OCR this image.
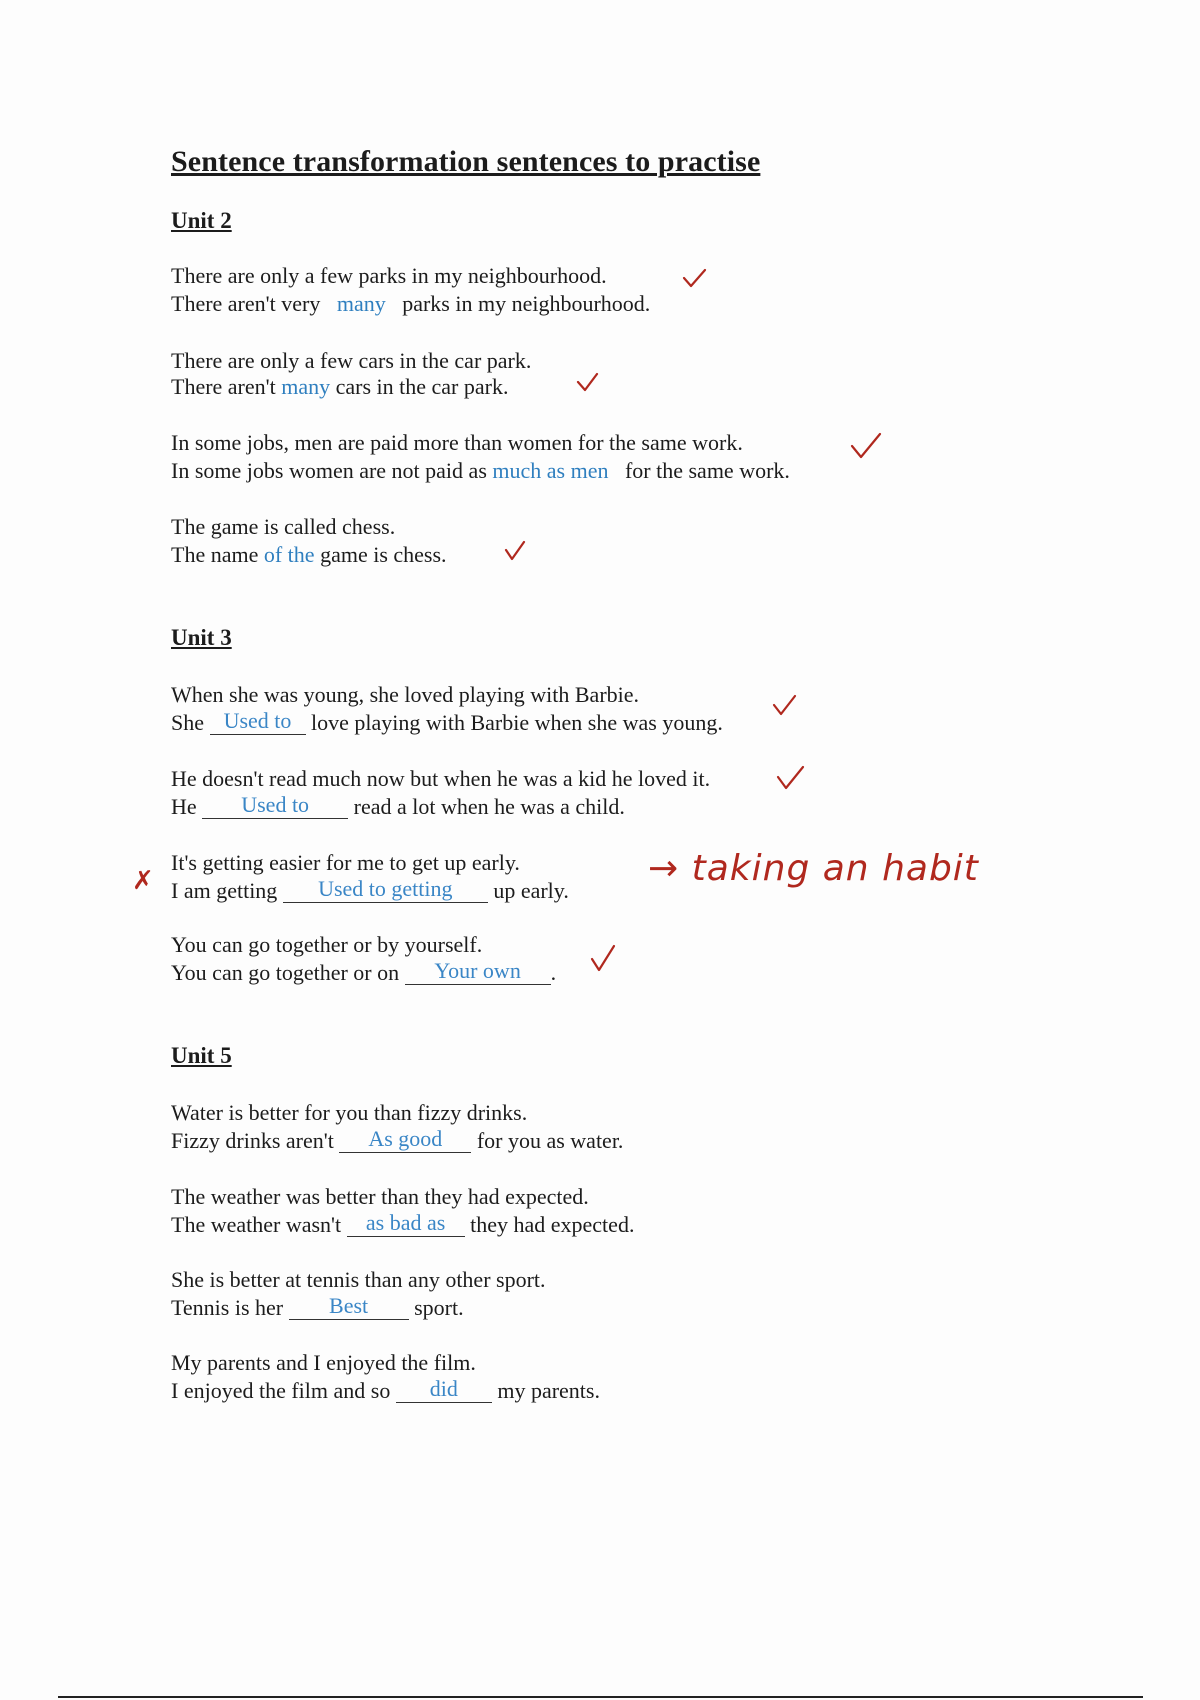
Sentence transformation sentences to practise
Unit 2

There are only a few parks in my neighbourhood.

There aren't very many parks in my neighbourhood.

There are only a few cars in the car park.

There aren't many cars in the car park.

In some jobs, men are paid more than women for the same work.

In some jobs women are not paid as much as men for the same work.

The game is called chess.

The name of the game is chess.

Unit 3

When she was young, she loved playing with Barbie.

She Used to love playing with Barbie when she was young.

He doesn't read much now but when he was a kid he loved it.

He Used to read a lot when he was a child.

It's getting easier for me to get up early.

I am getting Used to getting up early.

You can go together or by yourself.

You can go together or on Your own .

Unit 5

Water is better for you than fizzy drinks.

Fizzy drinks aren't As good for you as water.

The weather was better than they had expected.

The weather wasn't as bad as they had expected.

She is better at tennis than any other sport.

Tennis is her Best sport.

My parents and I enjoyed the film.

I enjoyed the film and so did my parents.

✗	→ taking an habit
